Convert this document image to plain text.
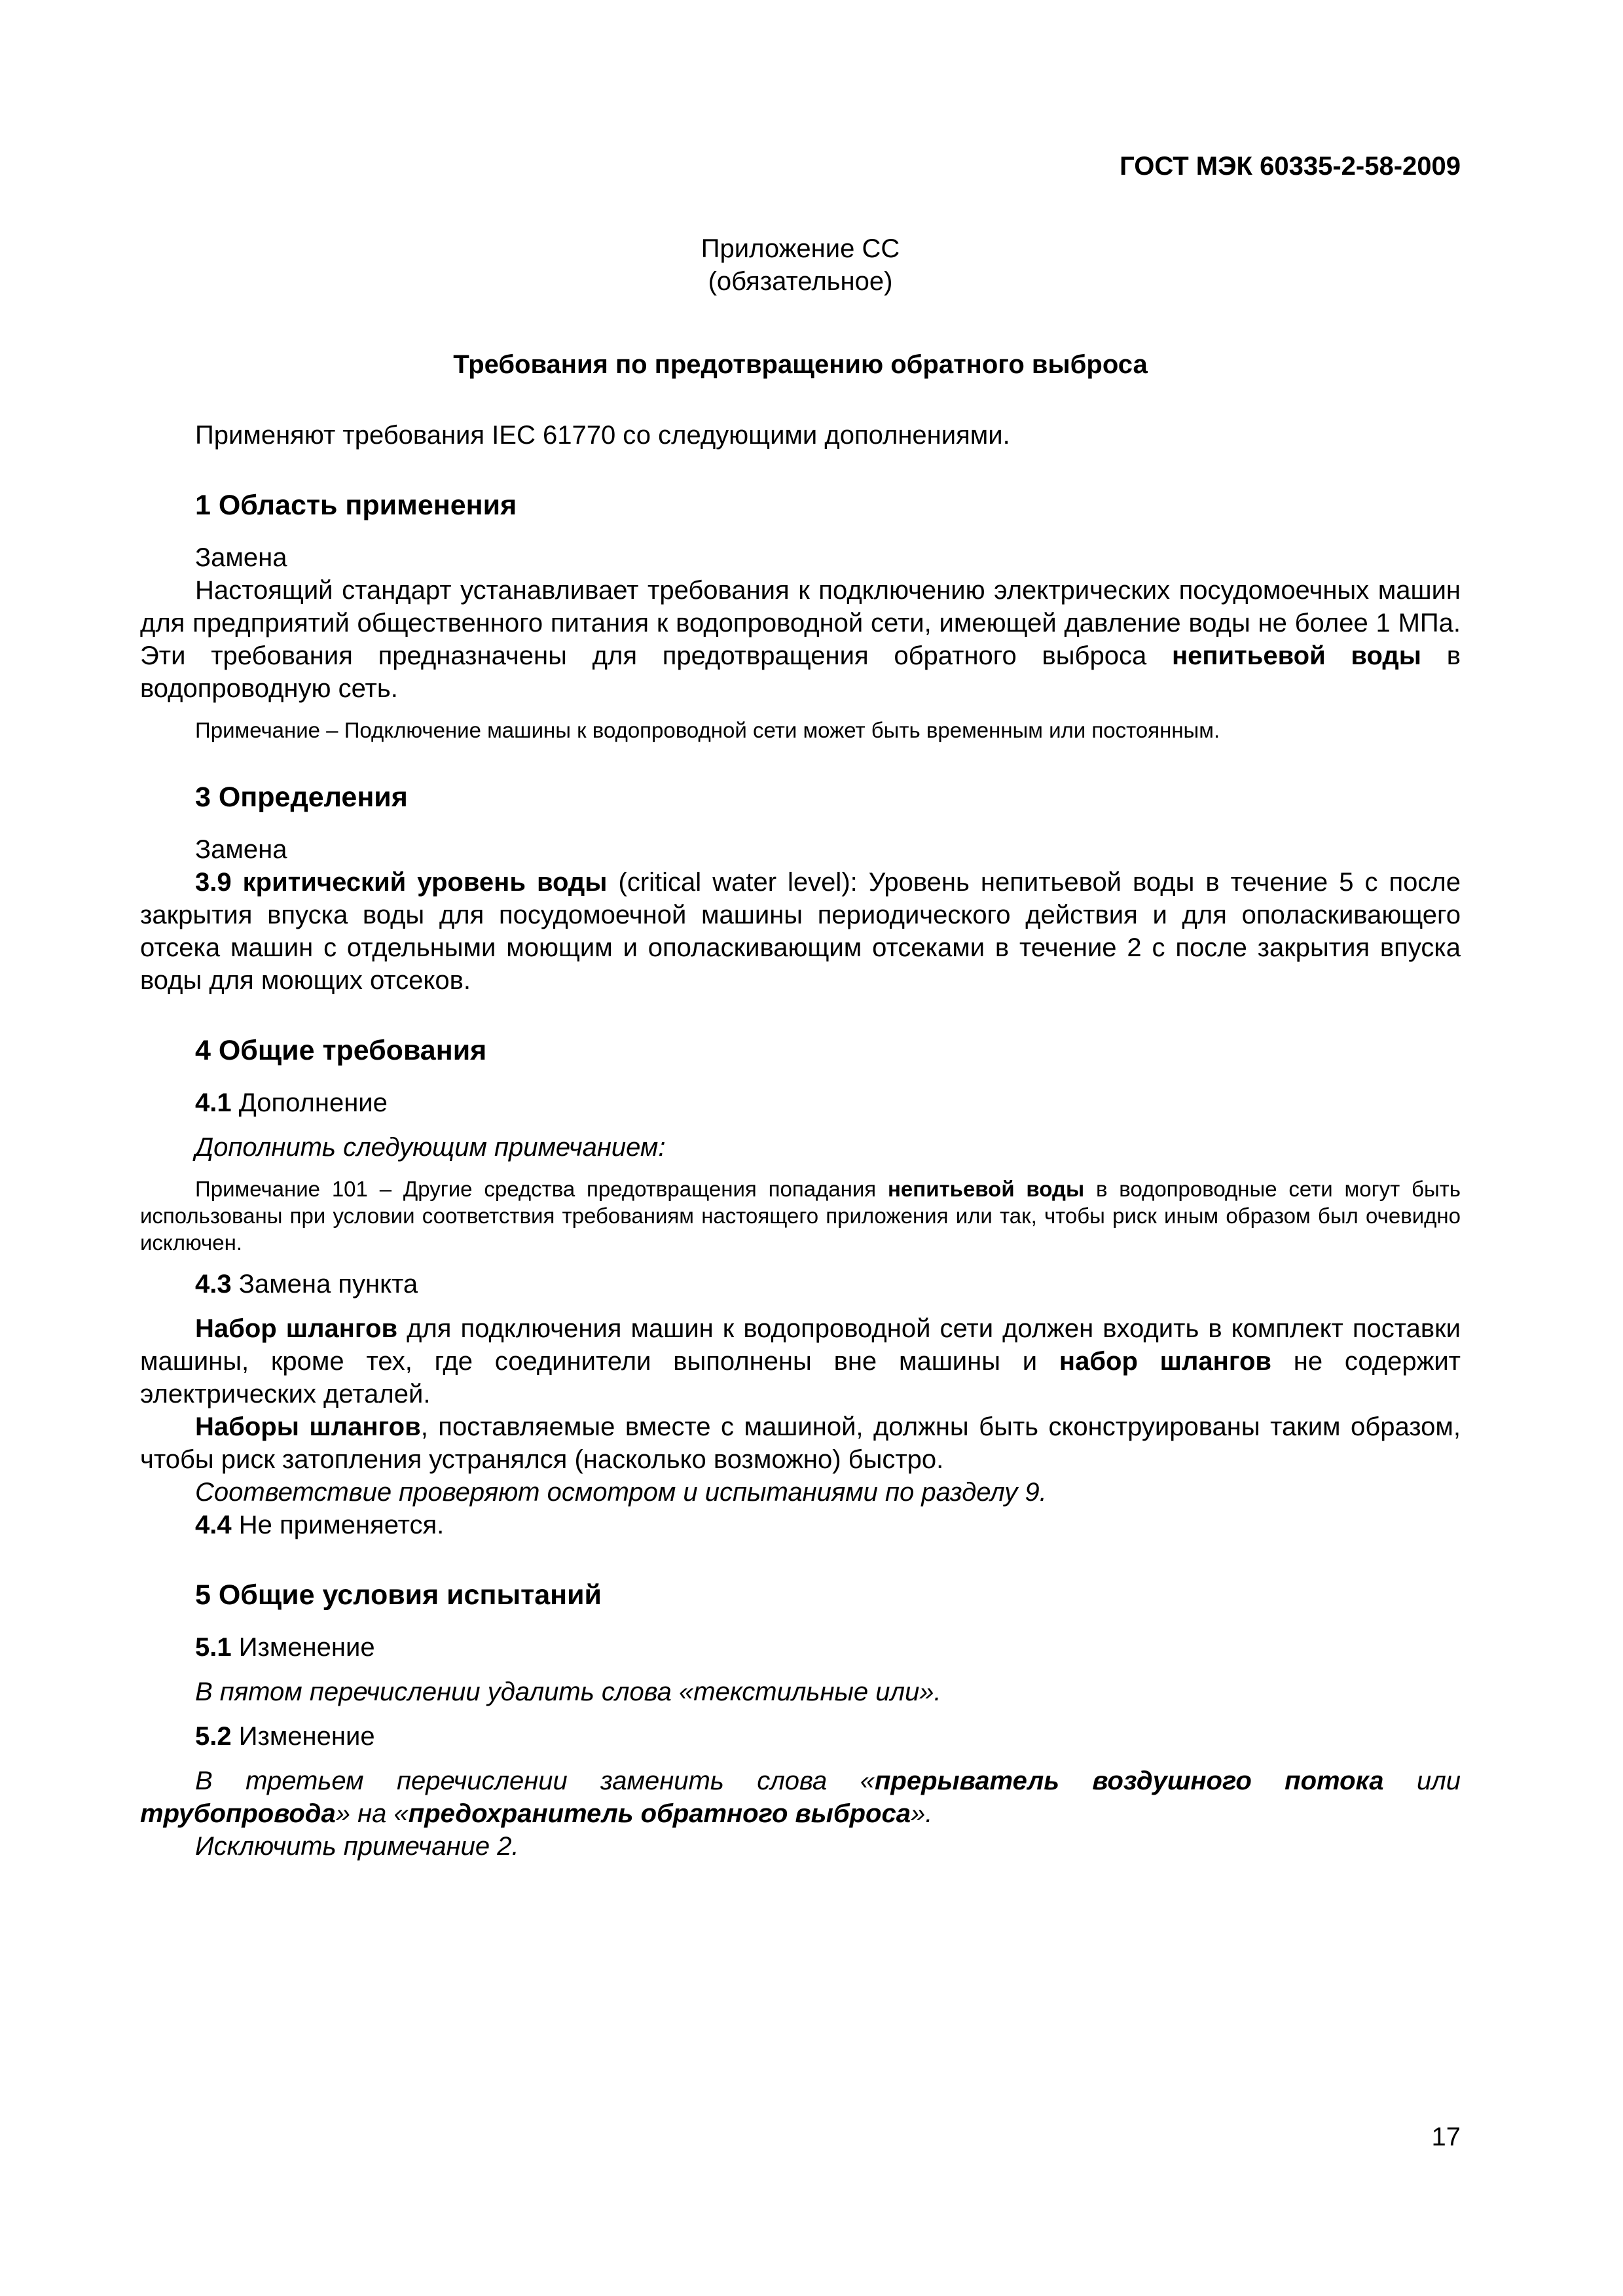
ГОСТ МЭК 60335-2-58-2009
Приложение СС
(обязательное)
Требования по предотвращению обратного выброса

Применяют требования IEC 61770 со следующими дополнениями.

1 Область применения

Замена

Настоящий стандарт устанавливает требования к подключению электрических посудомоечных машин для предприятий общественного питания к водопроводной сети, имеющей давление воды не более 1 МПа. Эти требования предназначены для предотвращения обратного выброса непитьевой воды в водопроводную сеть.

Примечание – Подключение машины к водопроводной сети может быть временным или постоянным.

3 Определения

Замена

3.9 критический уровень воды (critical water level): Уровень непитьевой воды в течение 5 с после закрытия впуска воды для посудомоечной машины периодического действия и для ополаскивающего отсека машин с отдельными моющим и ополаскивающим отсеками в течение 2 с после закрытия впуска воды для моющих отсеков.

4 Общие требования

4.1 Дополнение

Дополнить следующим примечанием:

Примечание 101 – Другие средства предотвращения попадания непитьевой воды в водопроводные сети могут быть использованы при условии соответствия требованиям настоящего приложения или так, чтобы риск иным образом был очевидно исключен.

4.3 Замена пункта

Набор шлангов для подключения машин к водопроводной сети должен входить в комплект поставки машины, кроме тех, где соединители выполнены вне машины и набор шлангов не содержит электрических деталей.

Наборы шлангов, поставляемые вместе с машиной, должны быть сконструированы таким образом, чтобы риск затопления устранялся (насколько возможно) быстро.

Соответствие проверяют осмотром и испытаниями по разделу 9.

4.4 Не применяется.

5 Общие условия испытаний

5.1 Изменение

В пятом перечислении удалить слова «текстильные или».

5.2 Изменение

В третьем перечислении заменить слова «прерыватель воздушного потока или трубопровода» на «предохранитель обратного выброса».

Исключить примечание 2.

17
